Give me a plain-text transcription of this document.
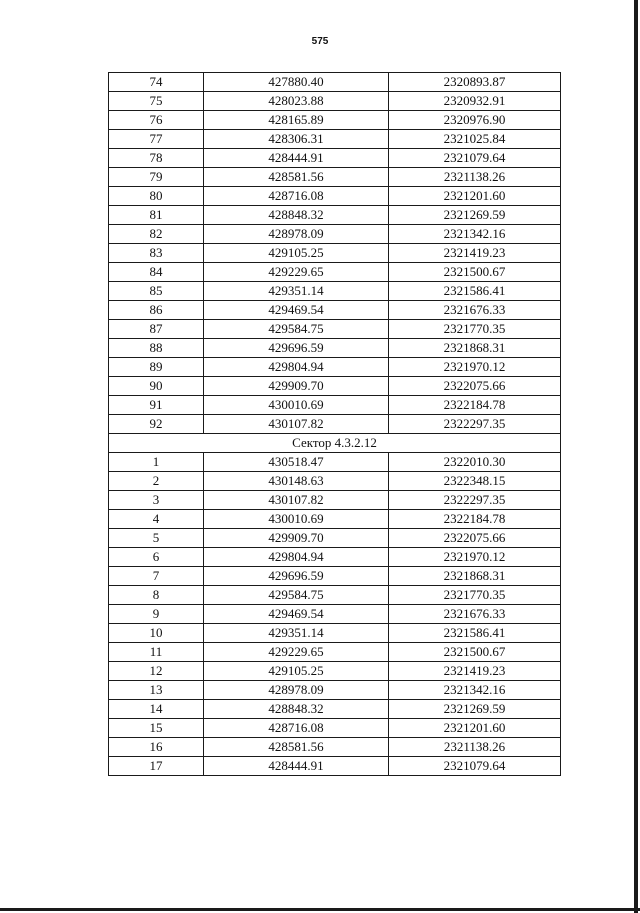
575
74	427880.40	2320893.87
75	428023.88	2320932.91
76	428165.89	2320976.90
77	428306.31	2321025.84
78	428444.91	2321079.64
79	428581.56	2321138.26
80	428716.08	2321201.60
81	428848.32	2321269.59
82	428978.09	2321342.16
83	429105.25	2321419.23
84	429229.65	2321500.67
85	429351.14	2321586.41
86	429469.54	2321676.33
87	429584.75	2321770.35
88	429696.59	2321868.31
89	429804.94	2321970.12
90	429909.70	2322075.66
91	430010.69	2322184.78
92	430107.82	2322297.35
Сектор 4.3.2.12		
1	430518.47	2322010.30
2	430148.63	2322348.15
3	430107.82	2322297.35
4	430010.69	2322184.78
5	429909.70	2322075.66
6	429804.94	2321970.12
7	429696.59	2321868.31
8	429584.75	2321770.35
9	429469.54	2321676.33
10	429351.14	2321586.41
11	429229.65	2321500.67
12	429105.25	2321419.23
13	428978.09	2321342.16
14	428848.32	2321269.59
15	428716.08	2321201.60
16	428581.56	2321138.26
17	428444.91	2321079.64
